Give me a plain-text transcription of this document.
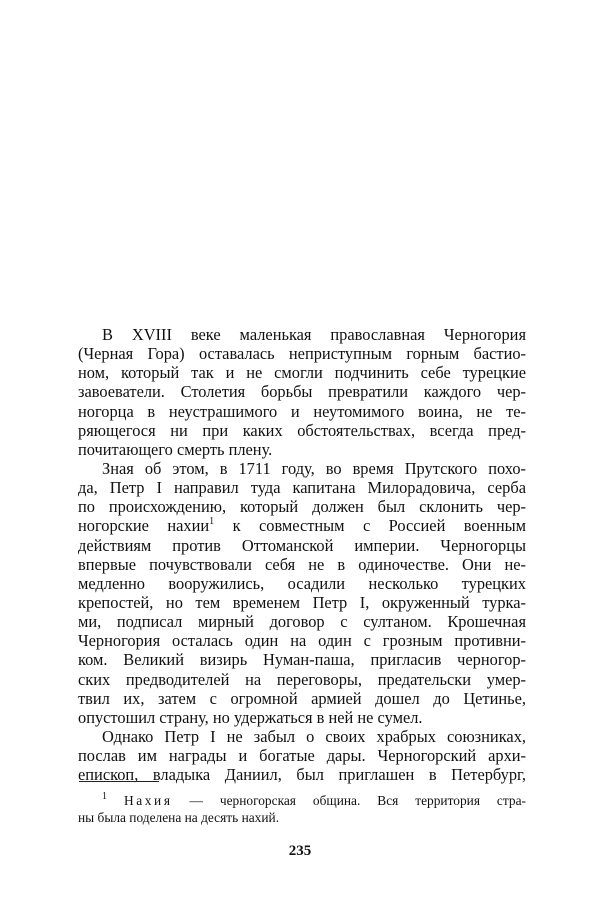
В XVIII веке маленькая православная Черногория
(Черная Гора) оставалась неприступным горным бастио-
ном, который так и не смогли подчинить себе турецкие
завоеватели. Столетия борьбы превратили каждого чер-
ногорца в неустрашимого и неутомимого воина, не те-
ряющегося ни при каких обстоятельствах, всегда пред-
почитающего смерть плену.
Зная об этом, в 1711 году, во время Прутского похо-
да, Петр I направил туда капитана Милорадовича, серба
по происхождению, который должен был склонить чер-
ногорские нахии$^1$ к совместным с Россией военным
действиям против Оттоманской империи. Черногорцы
впервые почувствовали себя не в одиночестве. Они не-
медленно вооружились, осадили несколько турецких
крепостей, но тем временем Петр I, окруженный турка-
ми, подписал мирный договор с султаном. Крошечная
Черногория осталась один на один с грозным противни-
ком. Великий визирь Нуман-паша, пригласив черногор-
ских предводителей на переговоры, предательски умер-
твил их, затем с огромной армией дошел до Цетинье,
опустошил страну, но удержаться в ней не сумел.
Однако Петр I не забыл о своих храбрых союзниках,
послав им награды и богатые дары. Черногорский архи-
епископ, владыка Даниил, был приглашен в Петербург,
$^1$ Нахия — черногорская община. Вся территория стра-
ны была поделена на десять нахий.
235
